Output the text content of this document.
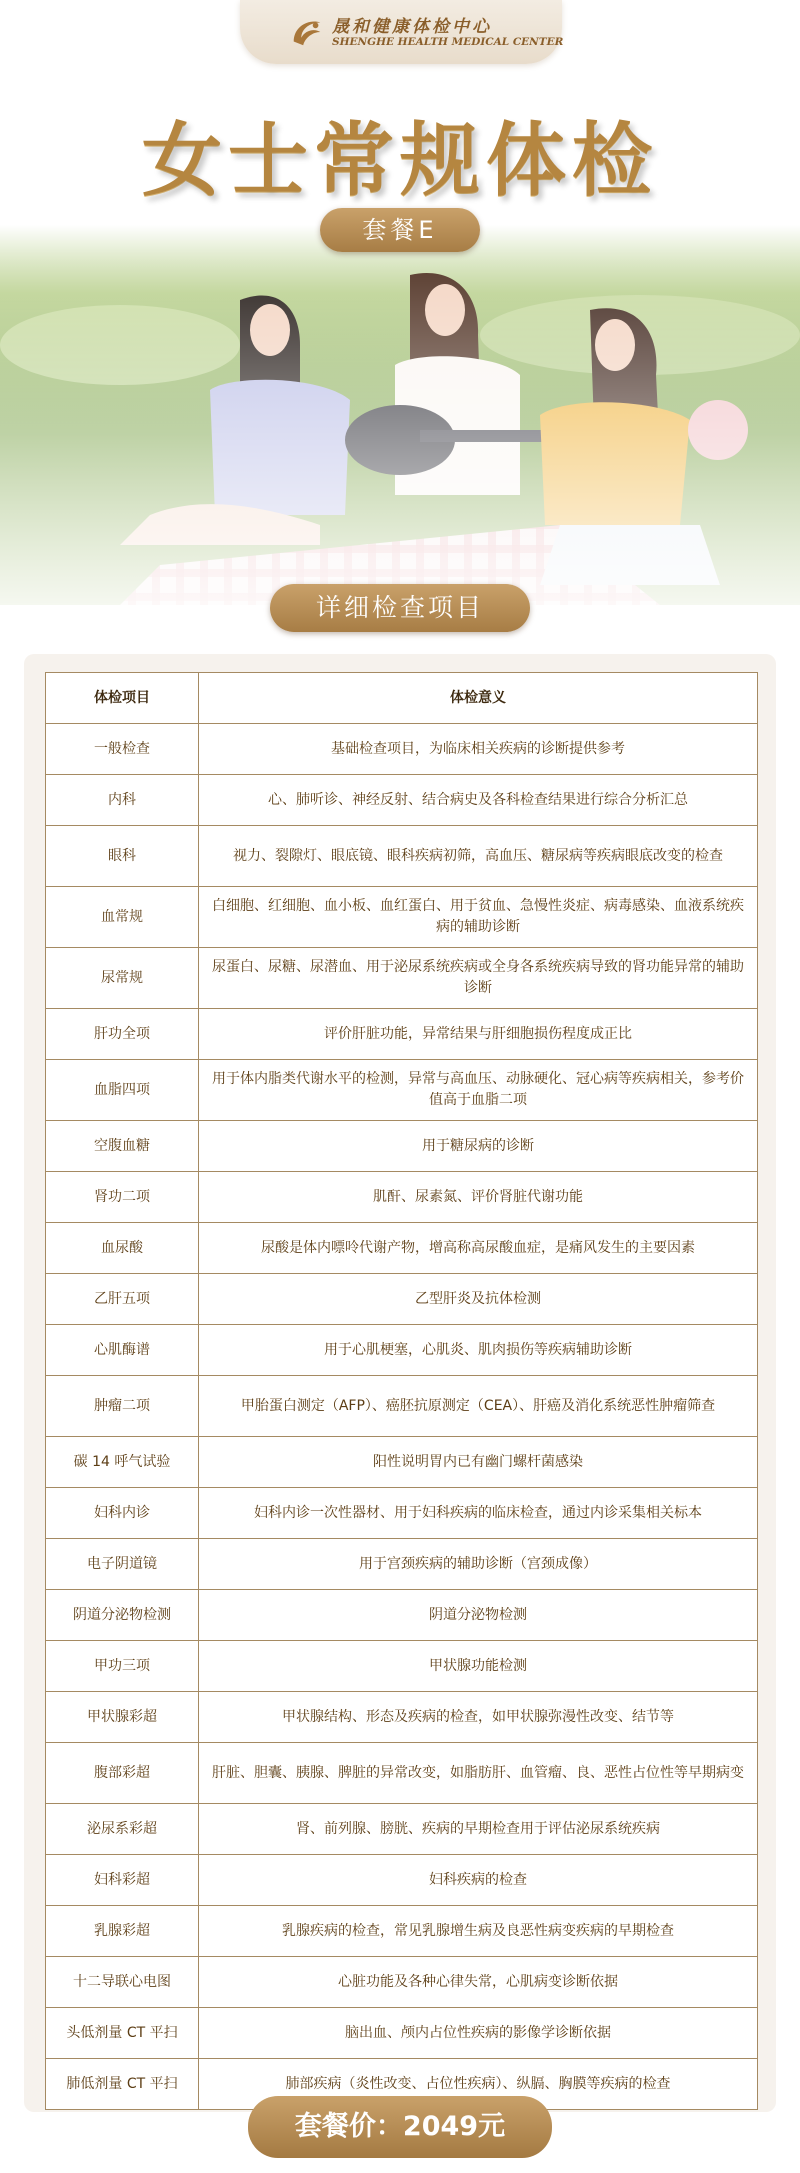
晟和健康体检中心
SHENGHE HEALTH MEDICAL CENTER
女士常规体检
套餐E
详细检查项目
体检项目	体检意义
一般检查	基础检查项目，为临床相关疾病的诊断提供参考
内科	心、肺听诊、神经反射、结合病史及各科检查结果进行综合分析汇总
眼科	视力、裂隙灯、眼底镜、眼科疾病初筛，高血压、糖尿病等疾病眼底改变的检查
血常规	白细胞、红细胞、血小板、血红蛋白、用于贫血、急慢性炎症、病毒感染、血液系统疾病的辅助诊断
尿常规	尿蛋白、尿糖、尿潜血、用于泌尿系统疾病或全身各系统疾病导致的肾功能异常的辅助诊断
肝功全项	评价肝脏功能，异常结果与肝细胞损伤程度成正比
血脂四项	用于体内脂类代谢水平的检测，异常与高血压、动脉硬化、冠心病等疾病相关，参考价值高于血脂二项
空腹血糖	用于糖尿病的诊断
肾功二项	肌酐、尿素氮、评价肾脏代谢功能
血尿酸	尿酸是体内嘌呤代谢产物，增高称高尿酸血症，是痛风发生的主要因素
乙肝五项	乙型肝炎及抗体检测
心肌酶谱	用于心肌梗塞，心肌炎、肌肉损伤等疾病辅助诊断
肿瘤二项	甲胎蛋白测定（AFP）、癌胚抗原测定（CEA）、肝癌及消化系统恶性肿瘤筛查
碳 14 呼气试验	阳性说明胃内已有幽门螺杆菌感染
妇科内诊	妇科内诊一次性器材、用于妇科疾病的临床检查，通过内诊采集相关标本
电子阴道镜	用于宫颈疾病的辅助诊断（宫颈成像）
阴道分泌物检测	阴道分泌物检测
甲功三项	甲状腺功能检测
甲状腺彩超	甲状腺结构、形态及疾病的检查，如甲状腺弥漫性改变、结节等
腹部彩超	肝脏、胆囊、胰腺、脾脏的异常改变，如脂肪肝、血管瘤、良、恶性占位性等早期病变
泌尿系彩超	肾、前列腺、膀胱、疾病的早期检查用于评估泌尿系统疾病
妇科彩超	妇科疾病的检查
乳腺彩超	乳腺疾病的检查，常见乳腺增生病及良恶性病变疾病的早期检查
十二导联心电图	心脏功能及各种心律失常，心肌病变诊断依据
头低剂量 CT 平扫	脑出血、颅内占位性疾病的影像学诊断依据
肺低剂量 CT 平扫	肺部疾病（炎性改变、占位性疾病）、纵膈、胸膜等疾病的检查
套餐价：2049元
